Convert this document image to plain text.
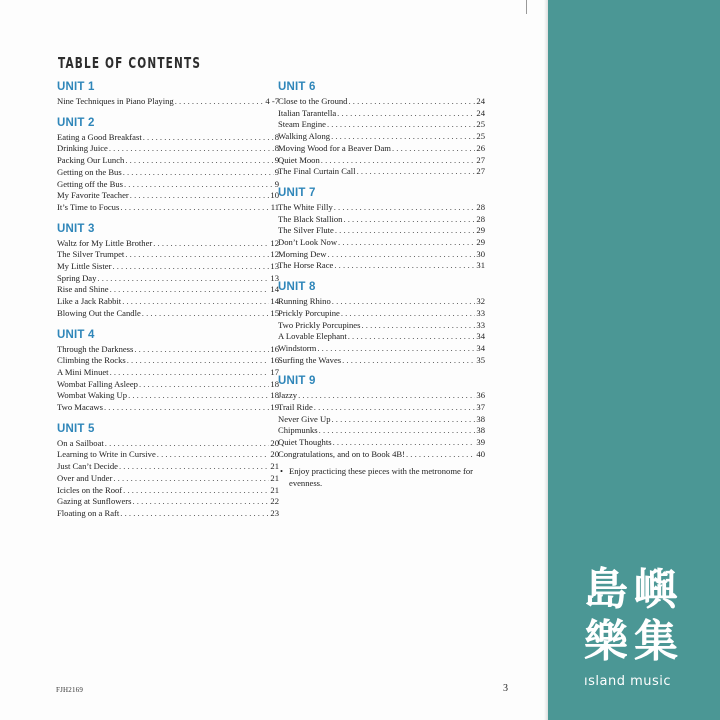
TABLE OF CONTENTS
UNIT 1
Nine Techniques in Piano Playing . . .	4 -7
UNIT 2
Eating a Good Breakfast . . .	8
Drinking Juice . . .	8
Packing Our Lunch . . .	9
Getting on the Bus . . .	9
Getting off the Bus . . .	9
My Favorite Teacher . . .	10
It’s Time to Focus . . .	11
UNIT 3
Waltz for My Little Brother . . .	12
The Silver Trumpet . . .	12
My Little Sister . . .	13
Spring Day . . .	13
Rise and Shine . . .	14
Like a Jack Rabbit . . .	14
Blowing Out the Candle . . .	15
UNIT 4
Through the Darkness . . .	16
Climbing the Rocks . . .	16
A Mini Minuet . . .	17
Wombat Falling Asleep . . .	18
Wombat Waking Up . . .	18
Two Macaws . . .	19
UNIT 5
On a Sailboat . . .	20
Learning to Write in Cursive . . .	20
Just Can’t Decide . . .	21
Over and Under . . .	21
Icicles on the Roof . . .	21
Gazing at Sunflowers . . .	22
Floating on a Raft . . .	23
UNIT 6
Close to the Ground . . .	24
Italian Tarantella . . .	24
Steam Engine . . .	25
Walking Along . . .	25
Moving Wood for a Beaver Dam . . .	26
Quiet Moon . . .	27
The Final Curtain Call . . .	27
UNIT 7
The White Filly . . .	28
The Black Stallion . . .	28
The Silver Flute . . .	29
Don’t Look Now . . .	29
Morning Dew . . .	30
The Horse Race . . .	31
UNIT 8
Running Rhino . . .	32
Prickly Porcupine . . .	33
Two Prickly Porcupines . . .	33
A Lovable Elephant . . .	34
Windstorm . . .	34
Surfing the Waves . . .	35
UNIT 9
Jazzy . . .	36
Trail Ride . . .	37
Never Give Up . . .	38
Chipmunks . . .	38
Quiet Thoughts . . .	39
Congratulations, and on to Book 4B! . . .	40
• Enjoy practicing these pieces with the metronome for evenness.
FJH2169	3
島嶼
樂集
ısland music
